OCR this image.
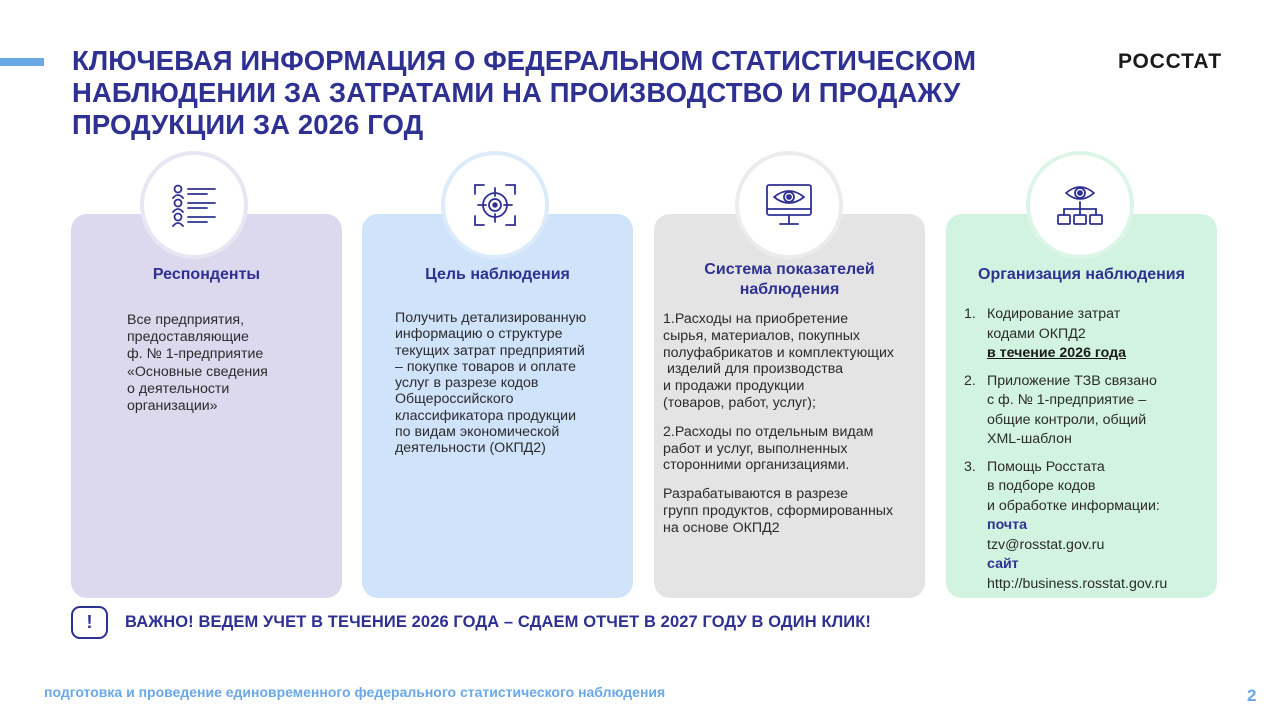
КЛЮЧЕВАЯ ИНФОРМАЦИЯ О ФЕДЕРАЛЬНОМ СТАТИСТИЧЕСКОМ
НАБЛЮДЕНИИ ЗА ЗАТРАТАМИ НА ПРОИЗВОДСТВО И ПРОДАЖУ
ПРОДУКЦИИ ЗА 2026 ГОД
РОССТАТ
Респонденты
Все предприятия,
предоставляющие
ф. № 1-предприятие
«Основные сведения
о деятельности
организации»
Цель наблюдения
Получить детализированную
информацию о структуре
текущих затрат предприятий
– покупке товаров и оплате
услуг в разрезе кодов
Общероссийского
классификатора продукции
по видам экономической
деятельности (ОКПД2)
Система показателей
наблюдения

1.Расходы на приобретение
сырья, материалов, покупных
полуфабрикатов и комплектующих
изделий для производства
и продажи продукции
(товаров, работ, услуг);

2.Расходы по отдельным видам
работ и услуг, выполненных
сторонними организациями.

Разрабатываются в разрезе
групп продуктов, сформированных
на основе ОКПД2

Организация наблюдения
1. Кодирование затрат
кодами ОКПД2
в течение 2026 года
2. Приложение ТЗВ связано
с ф. № 1-предприятие –
общие контроли, общий
XML-шаблон
3. Помощь Росстата
в подборе кодов
и обработке информации:
почта
tzv@rosstat.gov.ru
сайт
http://business.rosstat.gov.ru
!	ВАЖНО! ВЕДЕМ УЧЕТ В ТЕЧЕНИЕ 2026 ГОДА – СДАЕМ ОТЧЕТ В 2027 ГОДУ В ОДИН КЛИК!
подготовка и проведение единовременного федерального статистического наблюдения	2
